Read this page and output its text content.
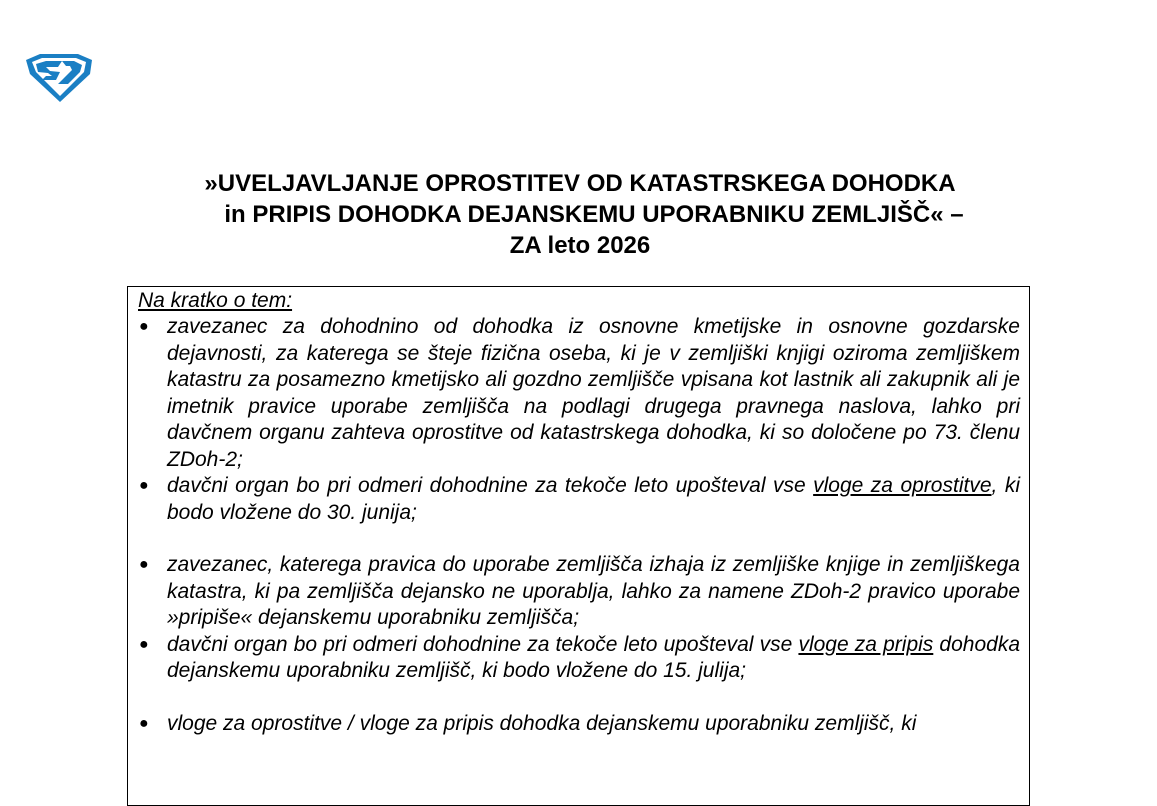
»UVELJAVLJANJE OPROSTITEV OD KATASTRSKEGA DOHODKA
in PRIPIS DOHODKA DEJANSKEMU UPORABNIKU ZEMLJIŠČ« –
ZA leto 2026
Na kratko o tem:
● zavezanec za dohodnino od dohodka iz osnovne kmetijske in osnovne gozdarske dejavnosti, za katerega se šteje fizična oseba, ki je v zemljiški knjigi oziroma zemljiškem katastru za posamezno kmetijsko ali gozdno zemljišče vpisana kot lastnik ali zakupnik ali je imetnik pravice uporabe zemljišča na podlagi drugega pravnega naslova, lahko pri davčnem organu zahteva oprostitve od katastrskega dohodka, ki so določene po 73. členu ZDoh-2;
● davčni organ bo pri odmeri dohodnine za tekoče leto upošteval vse vloge za oprostitve, ki bodo vložene do 30. junija;
● zavezanec, katerega pravica do uporabe zemljišča izhaja iz zemljiške knjige in zemljiškega katastra, ki pa zemljišča dejansko ne uporablja, lahko za namene ZDoh-2 pravico uporabe »pripiše« dejanskemu uporabniku zemljišča;
● davčni organ bo pri odmeri dohodnine za tekoče leto upošteval vse vloge za pripis dohodka dejanskemu uporabniku zemljišč, ki bodo vložene do 15. julija;
● vloge za oprostitve / vloge za pripis dohodka dejanskemu uporabniku zemljišč, ki
